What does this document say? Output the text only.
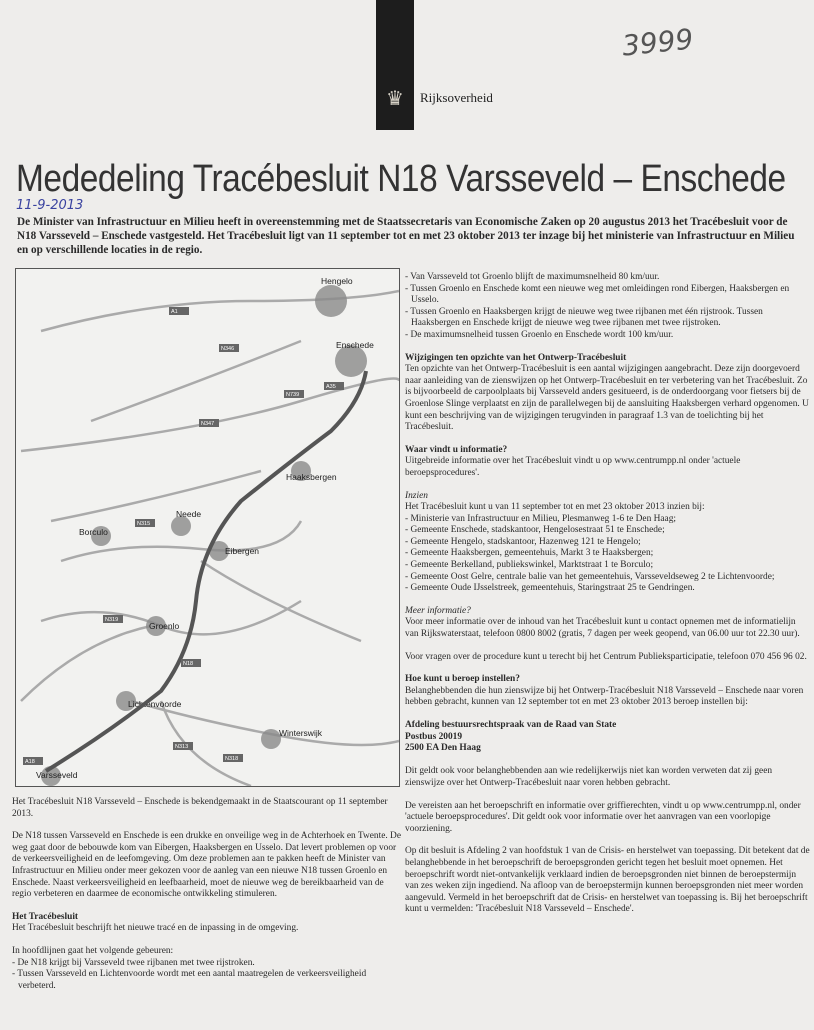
♛	Rijksoverheid
3999
11-9-2013
Mededeling Tracébesluit N18 Varsseveld – Enschede

De Minister van Infrastructuur en Milieu heeft in overeenstemming met de Staatssecretaris van Economische Zaken op 20 augustus 2013 het Tracébesluit voor de N18 Varsseveld – Enschede vastgesteld. Het Tracébesluit ligt van 11 september tot en met 23 oktober 2013 ter inzage bij het ministerie van Infrastructuur en Milieu en op verschillende locaties in de regio.

Hengelo
Enschede
Haaksbergen
Neede
Borculo
Eibergen
Groenlo
Lichtenvoorde
Winterswijk
Varsseveld
A1
N346
N739
A35
N347
N315
N319
N18
N313
N318
A18

Het Tracébesluit N18 Varsseveld – Enschede is bekendgemaakt in de Staatscourant op 11 september 2013.

De N18 tussen Varsseveld en Enschede is een drukke en onveilige weg in de Achterhoek en Twente. De weg gaat door de bebouwde kom van Eibergen, Haaksbergen en Usselo. Dat levert problemen op voor de verkeersveiligheid en de leefomgeving. Om deze problemen aan te pakken heeft de Minister van Infrastructuur en Milieu onder meer gekozen voor de aanleg van een nieuwe N18 tussen Groenlo en Enschede. Naast verkeersveiligheid en leefbaarheid, moet de nieuwe weg de bereikbaarheid van de regio verbeteren en daarmee de economische ontwikkeling stimuleren.

Het Tracébesluit

Het Tracébesluit beschrijft het nieuwe tracé en de inpassing in de omgeving.

In hoofdlijnen gaat het volgende gebeuren:
- De N18 krijgt bij Varsseveld twee rijbanen met twee rijstroken.
- Tussen Varsseveld en Lichtenvoorde wordt met een aantal maatregelen de verkeersveiligheid verbeterd.
- Van Varsseveld tot Groenlo blijft de maximumsnelheid 80 km/uur.
- Tussen Groenlo en Enschede komt een nieuwe weg met omleidingen rond Eibergen, Haaksbergen en Usselo.
- Tussen Groenlo en Haaksbergen krijgt de nieuwe weg twee rijbanen met één rijstrook. Tussen Haaksbergen en Enschede krijgt de nieuwe weg twee rijbanen met twee rijstroken.
- De maximumsnelheid tussen Groenlo en Enschede wordt 100 km/uur.
Wijzigingen ten opzichte van het Ontwerp-Tracébesluit

Ten opzichte van het Ontwerp-Tracébesluit is een aantal wijzigingen aangebracht. Deze zijn doorgevoerd naar aanleiding van de zienswijzen op het Ontwerp-Tracébesluit en ter verbetering van het Tracébesluit. Zo is bijvoorbeeld de carpoolplaats bij Varsseveld anders gesitueerd, is de onderdoorgang voor fietsers bij de Groenlose Slinge verplaatst en zijn de parallelwegen bij de aansluiting Haaksbergen verhard opgenomen. U kunt een beschrijving van de wijzigingen terugvinden in paragraaf 1.3 van de toelichting bij het Tracébesluit.

Waar vindt u informatie?

Uitgebreide informatie over het Tracébesluit vindt u op www.centrumpp.nl onder 'actuele beroepsprocedures'.

Inzien
Het Tracébesluit kunt u van 11 september tot en met 23 oktober 2013 inzien bij:
- Ministerie van Infrastructuur en Milieu, Plesmanweg 1-6 te Den Haag;
- Gemeente Enschede, stadskantoor, Hengelosestraat 51 te Enschede;
- Gemeente Hengelo, stadskantoor, Hazenweg 121 te Hengelo;
- Gemeente Haaksbergen, gemeentehuis, Markt 3 te Haaksbergen;
- Gemeente Berkelland, publiekswinkel, Marktstraat 1 te Borculo;
- Gemeente Oost Gelre, centrale balie van het gemeentehuis, Varsseveldseweg 2 te Lichtenvoorde;
- Gemeente Oude IJsselstreek, gemeentehuis, Staringstraat 25 te Gendringen.
Meer informatie?

Voor meer informatie over de inhoud van het Tracébesluit kunt u contact opnemen met de informatielijn van Rijkswaterstaat, telefoon 0800 8002 (gratis, 7 dagen per week geopend, van 06.00 uur tot 22.30 uur).

Voor vragen over de procedure kunt u terecht bij het Centrum Publieksparticipatie, telefoon 070 456 96 02.

Hoe kunt u beroep instellen?

Belanghebbenden die hun zienswijze bij het Ontwerp-Tracébesluit N18 Varsseveld – Enschede naar voren hebben gebracht, kunnen van 12 september tot en met 23 oktober 2013 beroep instellen bij:

Afdeling bestuursrechtspraak van de Raad van State
Postbus 20019
2500 EA Den Haag

Dit geldt ook voor belanghebbenden aan wie redelijkerwijs niet kan worden verweten dat zij geen zienswijze over het Ontwerp-Tracébesluit naar voren hebben gebracht.

De vereisten aan het beroepschrift en informatie over griffierechten, vindt u op www.centrumpp.nl, onder 'actuele beroepsprocedures'. Dit geldt ook voor informatie over het aanvragen van een voorlopige voorziening.

Op dit besluit is Afdeling 2 van hoofdstuk 1 van de Crisis- en herstelwet van toepassing. Dit betekent dat de belanghebbende in het beroepschrift de beroepsgronden gericht tegen het besluit moet opnemen. Het beroepschrift wordt niet-ontvankelijk verklaard indien de beroepsgronden niet binnen de beroepstermijn van zes weken zijn ingediend. Na afloop van de beroepstermijn kunnen beroepsgronden niet meer worden aangevuld. Vermeld in het beroepschrift dat de Crisis- en herstelwet van toepassing is. Bij het beroepschrift kunt u vermelden: 'Tracébesluit N18 Varsseveld – Enschede'.
